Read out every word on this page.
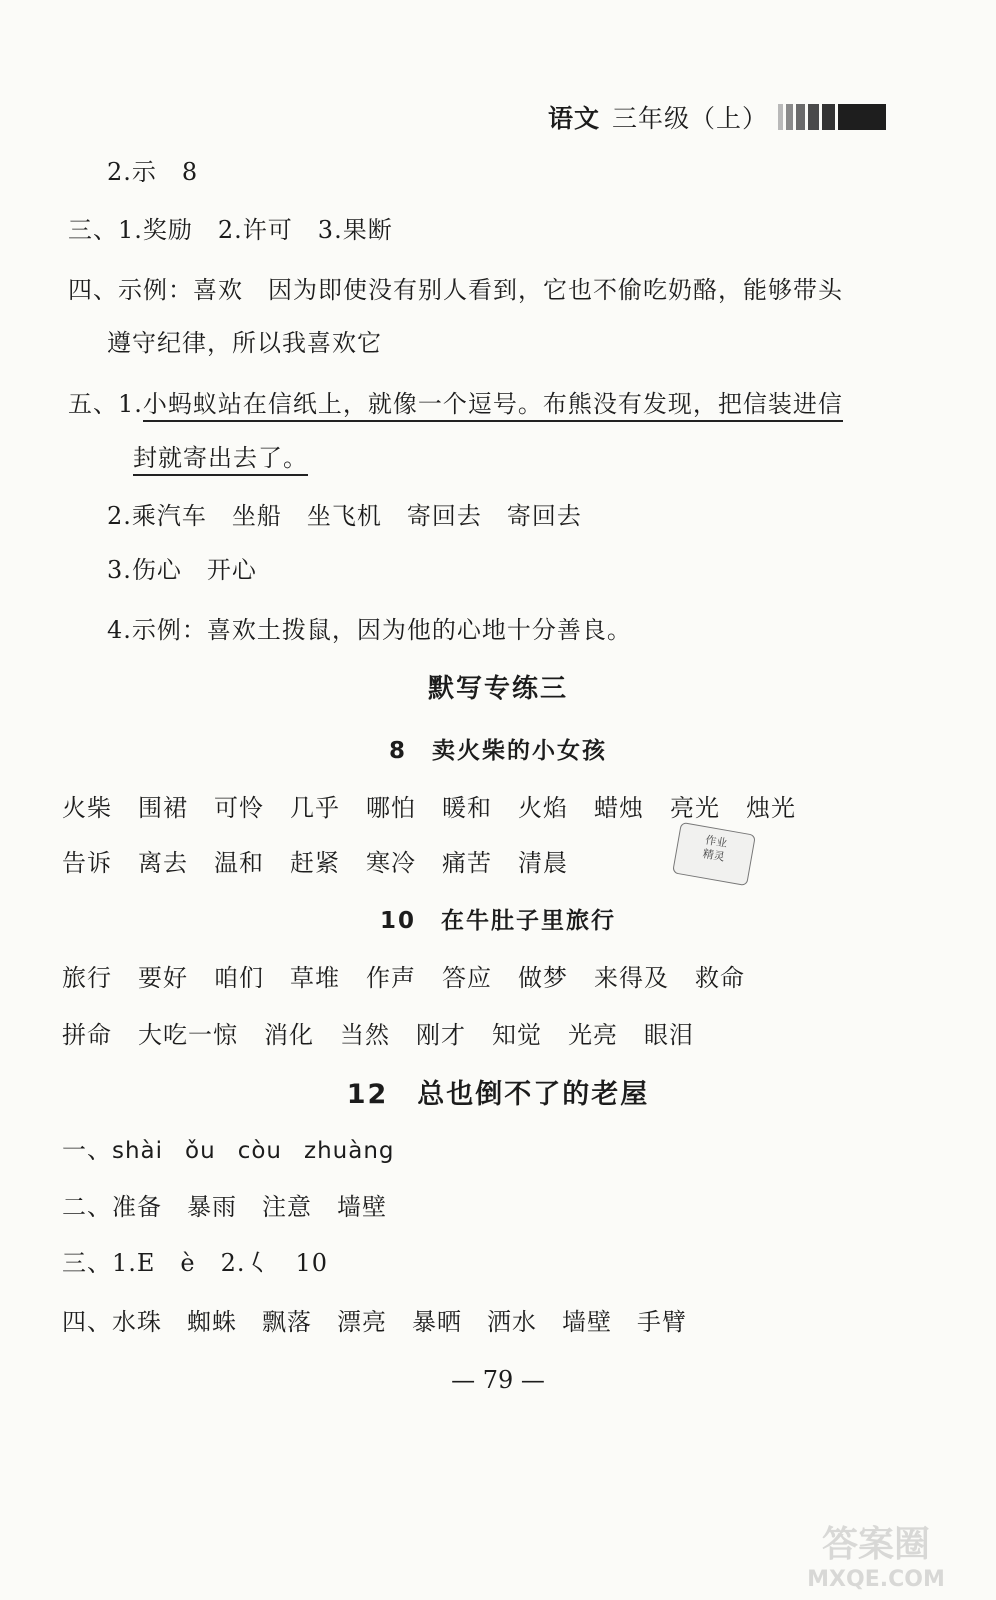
语文 三年级（上）
2.示　8
三、1.奖励　2.许可　3.果断
四、示例：喜欢　因为即使没有别人看到，它也不偷吃奶酪，能够带头
遵守纪律，所以我喜欢它
五、1.小蚂蚁站在信纸上，就像一个逗号。布熊没有发现，把信装进信
封就寄出去了。
2.乘汽车　坐船　坐飞机　寄回去　寄回去
3.伤心　开心
4.示例：喜欢土拨鼠，因为他的心地十分善良。
默写专练三
8　卖火柴的小女孩
火柴 围裙 可怜 几乎 哪怕 暖和 火焰 蜡烛 亮光 烛光
告诉 离去 温和 赶紧 寒冷 痛苦 清晨
作业
精灵
10　在牛肚子里旅行
旅行 要好 咱们 草堆 作声 答应 做梦 来得及 救命
拼命 大吃一惊 消化 当然 刚才 知觉 光亮 眼泪
12　总也倒不了的老屋
一、shài ǒu còu zhuàng
二、准备　暴雨　注意　墙壁
三、1.E　è　2.𡿨　10
四、水珠　蜘蛛　飘落　漂亮　暴晒　洒水　墙壁　手臂
— 79 —
答案圈
MXQE.COM
